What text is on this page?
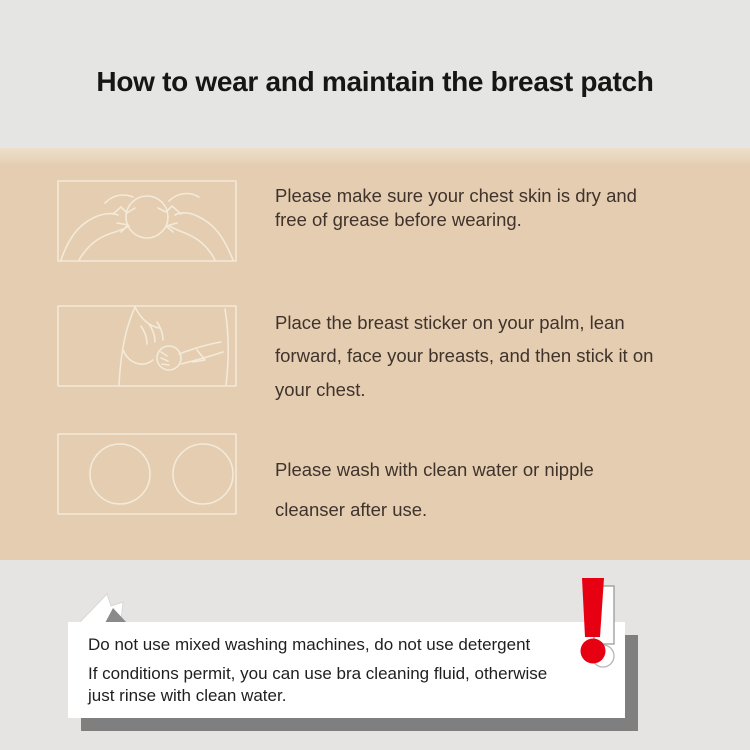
How to wear and maintain the breast patch
Please make sure your chest skin is dry and
free of grease before wearing.
Place the breast sticker on your palm, lean
forward, face your breasts, and then stick it on
your chest.
Please wash with clean water or nipple
cleanser after use.
Do not use mixed washing machines, do not use detergent
If conditions permit, you can use bra cleaning fluid, otherwise
just rinse with clean water.
